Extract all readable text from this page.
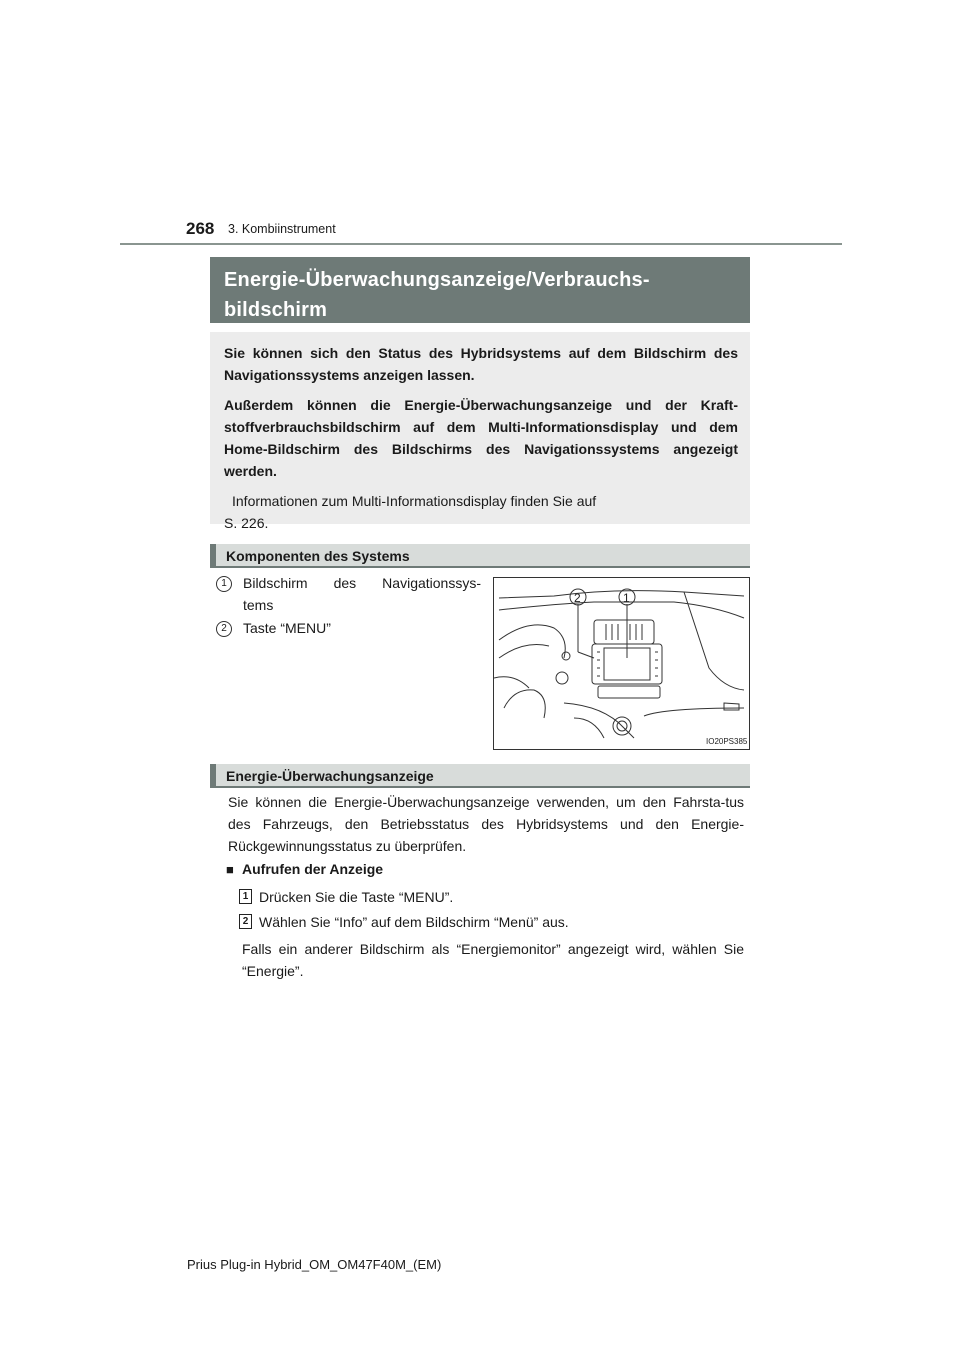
268 3. Kombiinstrument
Energie-Überwachungsanzeige/Verbrauchs-
bildschirm

Sie können sich den Status des Hybridsystems auf dem Bildschirm des Navigationssystems anzeigen lassen.

Außerdem können die Energie-Überwachungsanzeige und der Kraft-stoffverbrauchsbildschirm auf dem Multi-Informationsdisplay und dem Home-Bildschirm des Bildschirms des Navigationssystems angezeigt werden.

Informationen zum Multi-Informationsdisplay finden Sie auf
S. 226.

Komponenten des Systems
1	Bildschirm des Navigationssys-
tems
2	Taste “MENU”
2	1
IO20PS385
Energie-Überwachungsanzeige
Sie können die Energie-Überwachungsanzeige verwenden, um den Fahrsta-tus des Fahrzeugs, den Betriebsstatus des Hybridsystems und den Energie-Rückgewinnungsstatus zu überprüfen.
■ Aufrufen der Anzeige
1 Drücken Sie die Taste “MENU”.
2 Wählen Sie “Info” auf dem Bildschirm “Menü” aus.
Falls ein anderer Bildschirm als “Energiemonitor” angezeigt wird, wählen Sie “Energie”.
Prius Plug-in Hybrid_OM_OM47F40M_(EM)
